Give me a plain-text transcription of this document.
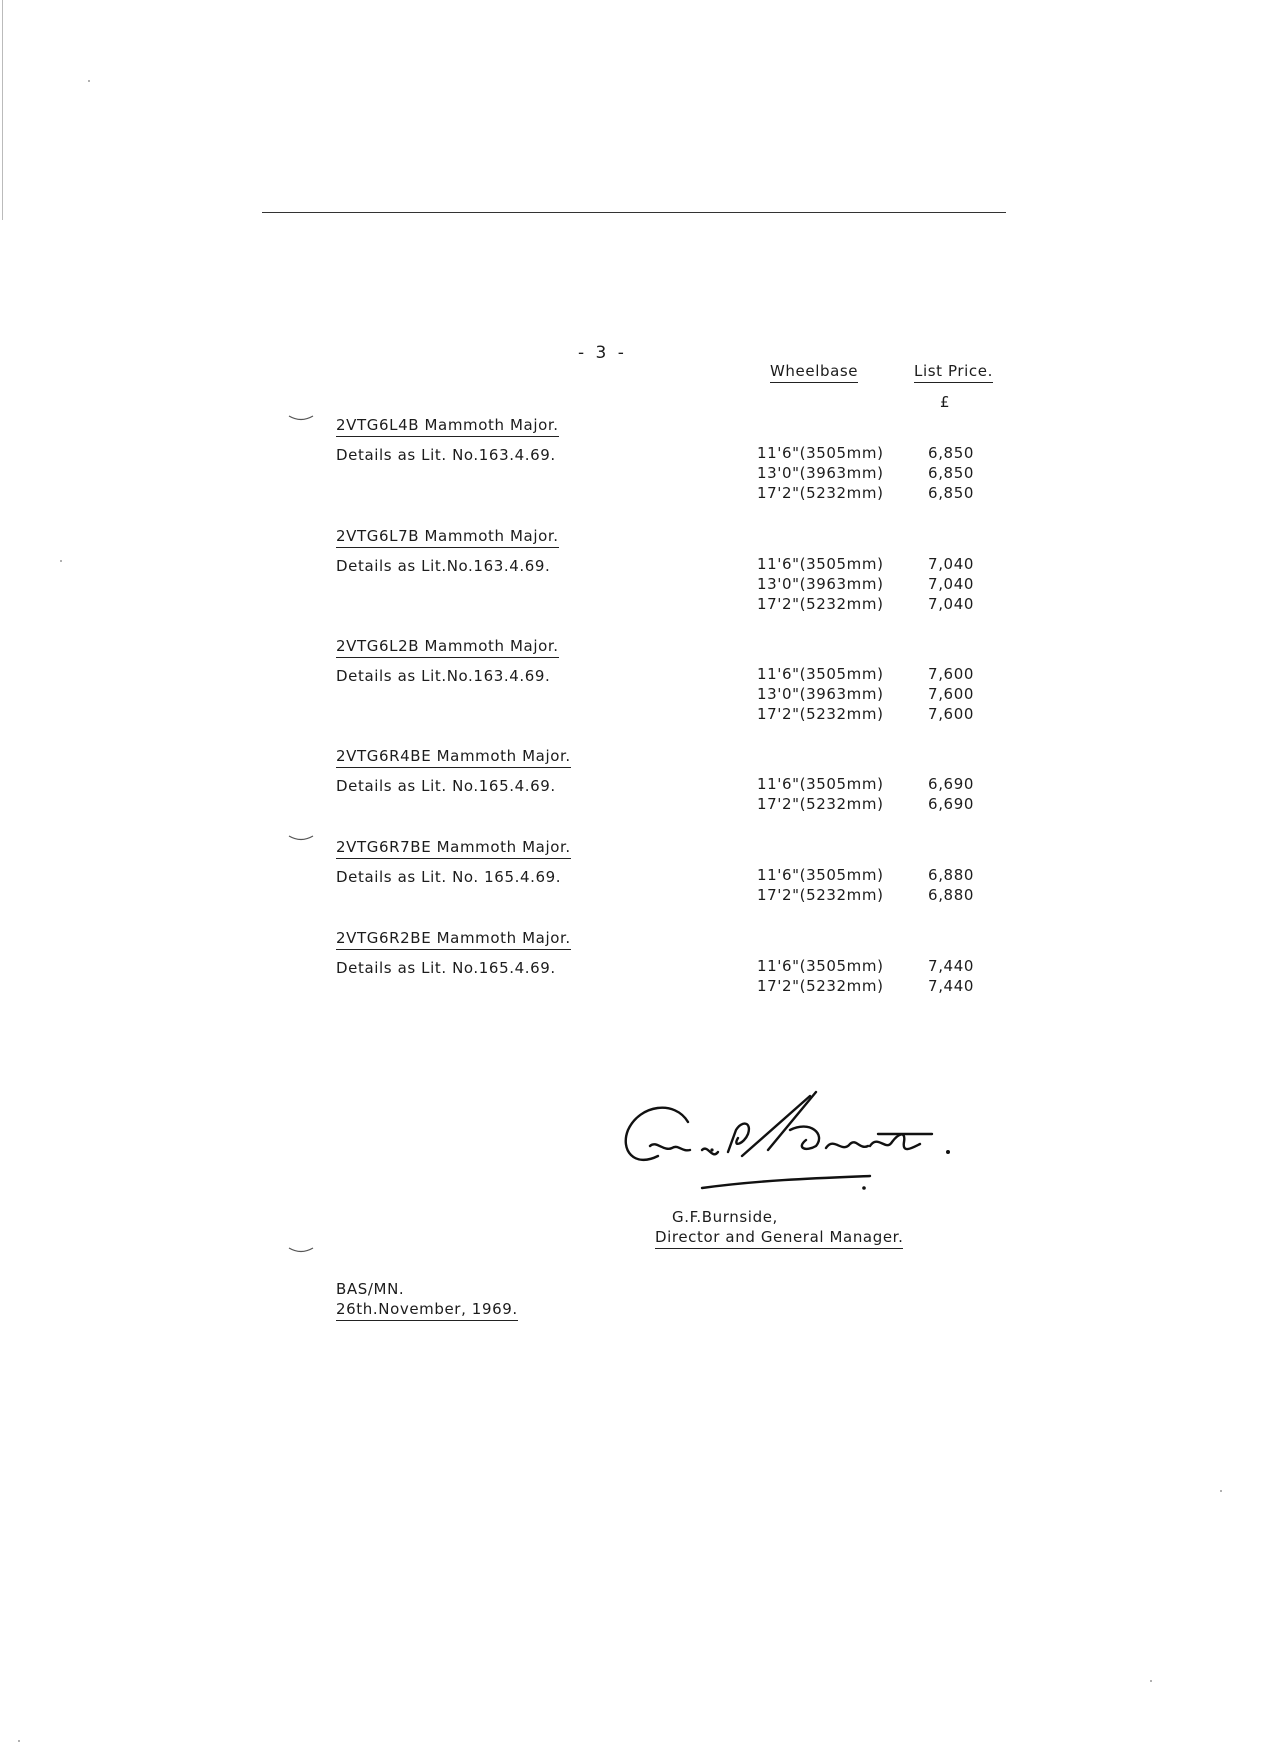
- 3 -
Wheelbase	List Price.
£
2VTG6L4B Mammoth Major.
Details as Lit. No.163.4.69.	11'6"(3505mm)	6,850
13'0"(3963mm)	6,850
17'2"(5232mm)	6,850
2VTG6L7B Mammoth Major.
Details as Lit.No.163.4.69.	11'6"(3505mm)	7,040
13'0"(3963mm)	7,040
17'2"(5232mm)	7,040
2VTG6L2B Mammoth Major.
Details as Lit.No.163.4.69.	11'6"(3505mm)	7,600
13'0"(3963mm)	7,600
17'2"(5232mm)	7,600
2VTG6R4BE Mammoth Major.
Details as Lit. No.165.4.69.	11'6"(3505mm)	6,690
17'2"(5232mm)	6,690
2VTG6R7BE Mammoth Major.
Details as Lit. No. 165.4.69.	11'6"(3505mm)	6,880
17'2"(5232mm)	6,880
2VTG6R2BE Mammoth Major.
Details as Lit. No.165.4.69.	11'6"(3505mm)	7,440
17'2"(5232mm)	7,440
G.F.Burnside,
Director and General Manager.
BAS/MN.
26th.November, 1969.
